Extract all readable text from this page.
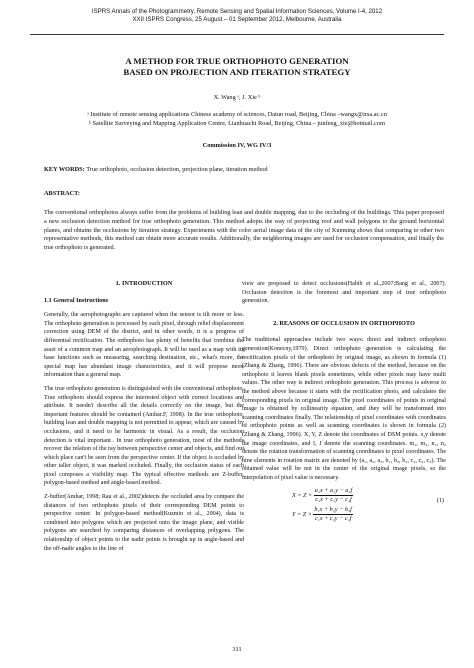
ISPRS Annals of the Photogrammetry, Remote Sensing and Spatial Information Sciences, Volume I-4, 2012
XXII ISPRS Congress, 25 August – 01 September 2012, Melbourne, Australia
A METHOD FOR TRUE ORTHOPHOTO GENERATION
BASED ON PROJECTION AND ITERATION STRATEGY
X. Wang ᵃ, J. Xie ᵇ
ᵃ Institute of remote sensing applications Chinese academy of sciences, Datun road, Beijing, China –wangx@irsa.ac.cn
ᵇ Satellite Surveying and Mapping Application Centre, Lianhuachi Road, Beijing, China – junfeng_xie@hotmail.com
Commission IV, WG IV/3
KEY WORDS: True orthophoto, occlusion detection, projection plane, iteration method
ABSTRACT:
The conventional orthophotos always suffer from the problems of building lean and double mapping, due to the occluding of the buildings. This paper proposed a new occlusion detection method for true orthophoto generation. This method adopts the way of projecting roof and wall polygons to the ground horizontal planes, and obtains the occlusions by iteration strategy. Experiments with the color aerial image data of the city of Kunming shows that comparing to other two representative methods, this method can obtain more accurate results. Additionally, the neighboring images are used for occlusion compensation, and finally the true orthophoto is generated.
1. INTRODUCTION
1.1 General Instructions

Generally, the aerophotographs are captured when the sensor is tilt more or less. The orthophoto generation is processed by each pixel, through relief displacement correction using DEM of the district, and in other words, it is a progress of differential rectification. The orthophoto has plenty of benefits that combine the asset of a common map and an aerophotograph. It will be used as a map with its base functions such as measuring, searching destination, etc., what's more, the special map has abundant image characteristics, and it will propose more information than a general map.

The true orthophoto generation is distinguished with the conventional orthophoto. True orthophoto should express the interested object with correct locations and attribute. It needn't describe all the details correctly on the image, but the important features should be contained (Amhar.F, 1998). In the true orthophoto, building lean and double mapping is not permitted to appear, which are caused by occlusions, and it need to be harmonic in visual. As a result, the occlusion detection is vital important . In true orthophoto generation, most of the methods recover the relation of the ray between perspective center and objects, and find out which place can't be seen from the perspective center. If the object is occluded by other taller object, it was marked occluded. Finally, the occlusion status of each pixel composes a visibility map. The typical effective methods are Z-buffer, polygon-based method and angle-based method.

Z-buffer(Amhar, 1998; Rau et al., 2002)detects the occluded area by compare the distances of two orthophoto pixels of their corresponding DEM points to perspective center. In polygon-based method(Kuzmin et al., 2004), data is combined into polygons which are projected onto the image plane, and visible polygons are searched by comparing distances of overlapping polygons. The relationship of object points to the nadir points is brought up in angle-based and the off-nadir angles to the line of

view are proposed to detect occlusions(Habib et al.,2007;Bang et al., 2007). Occlusion detection is the foremost and important step of true orthophoto generation.

2. REASONS OF OCCLUSION IN ORTHOPHOTO

The traditional approaches include two ways: direct and indirect orthophoto generation(Konecny,1979). Direct orthophoto generation is calculating the rectification pixels of the orthophoto by original image, as shown in formula (1)(Zhang & Zhang, 1996). There are obvious defects of the method, because on the orthophoto it leaves blank pixels sometimes, while other pixels may have multi values. The other way is indirect orthophoto generation. This process is adverse to the method above because it starts with the rectification photo, and calculates the corresponding pixels in original image. The pixel coordinates of points in original image is obtained by collinearity equation, and they will be transformed into scanning coordinates finally. The relationship of pixel coordinates with coordinates of orthophoto points as well as scanning coordinates is shown in formula (2) (Zhang & Zhang, 1996). X, Y, Z denote the coordinates of DSM points. x,y denote the image coordinates, and I, J denote the scanning coordinates. m₁, m₂, n₁, n₂ denote the rotation transformation of scanning coordinates to pixel coordinates. The nine elements in rotation matrix are denoted by (a₁, a₂, a₃, b₁, b₂, b₃, c₁, c₂, c₃). The obtained value will be not in the center of the original image pixels, so the interpolation of pixel value is necessary.

$X = Z \times \frac{\text{a₁x + a₂y − a₃f}}{\text{c₁x + c₂y − c₃f}}$
$Y = Z \times \frac{\text{b₁x + b₂y − b₃f}}{\text{c₁x + c₂y − c₃f}}$
(1)
311
